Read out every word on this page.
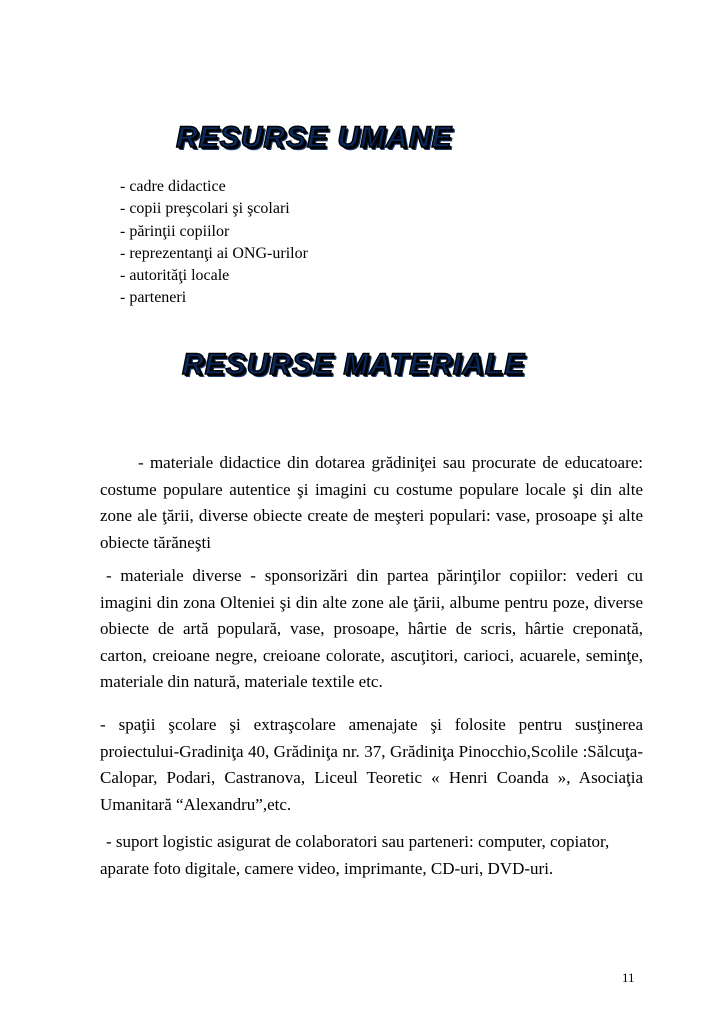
RESURSE UMANE
- cadre didactice
- copii preşcolari şi şcolari
- părinţii copiilor
- reprezentanţi ai ONG-urilor
- autorităţi locale
- parteneri
RESURSE MATERIALE

- materiale didactice din dotarea grădiniţei sau procurate de educatoare: costume populare autentice şi imagini cu costume populare locale şi din alte zone ale ţării, diverse obiecte create de meşteri populari: vase, prosoape şi alte obiecte tărăneşti

- materiale diverse - sponsorizări din partea părinţilor copiilor: vederi cu imagini din zona Olteniei şi din alte zone ale ţării, albume pentru poze, diverse obiecte de artă populară, vase, prosoape, hârtie de scris, hârtie creponată, carton, creioane negre, creioane colorate, ascuţitori, carioci, acuarele, seminţe, materiale din natură, materiale textile etc.

- spaţii şcolare şi extraşcolare amenajate şi folosite pentru susţinerea proiectului-Gradiniţa 40, Grădiniţa nr. 37, Grădiniţa Pinocchio,Scolile :Sălcuţa-Calopar, Podari, Castranova, Liceul Teoretic « Henri Coanda », Asociaţia Umanitară “Alexandru”,etc.

- suport logistic asigurat de colaboratori sau parteneri: computer, copiator, aparate foto digitale, camere video, imprimante, CD-uri, DVD-uri.

11
